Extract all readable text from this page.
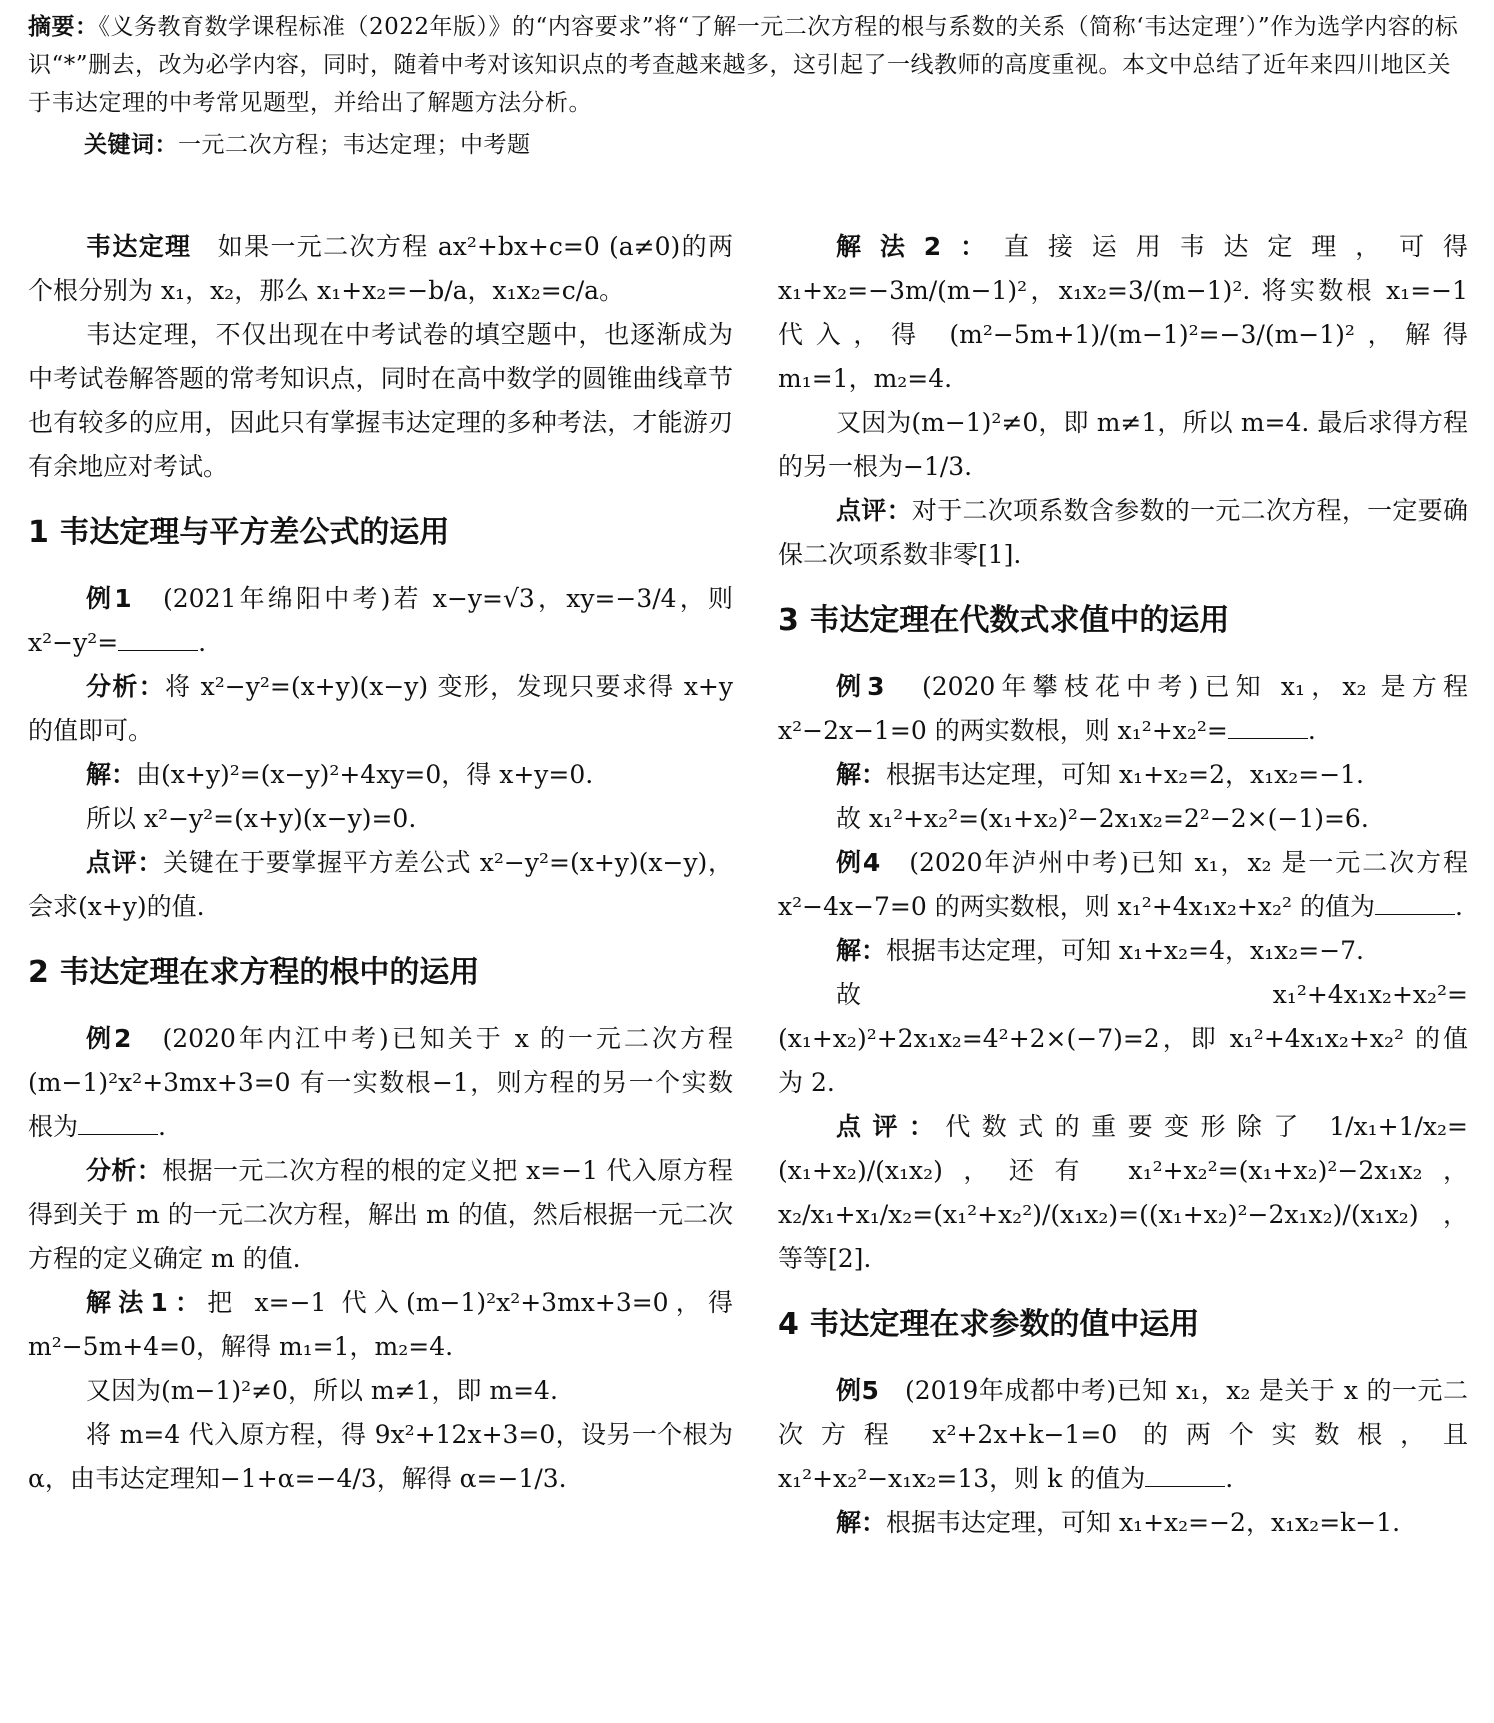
摘要：《义务教育数学课程标准（2022年版）》的“内容要求”将“了解一元二次方程的根与系数的关系（简称‘韦达定理’）”作为选学内容的标识“*”删去，改为必学内容，同时，随着中考对该知识点的考查越来越多，这引起了一线教师的高度重视。本文中总结了近年来四川地区关于韦达定理的中考常见题型，并给出了解题方法分析。

关键词：一元二次方程；韦达定理；中考题

韦达定理　 如果一元二次方程 ax²+bx+c=0 (a≠0)的两个根分别为 x₁，x₂，那么 x₁+x₂=−b/a，x₁x₂=c/a。

韦达定理，不仅出现在中考试卷的填空题中，也逐渐成为中考试卷解答题的常考知识点，同时在高中数学的圆锥曲线章节也有较多的应用，因此只有掌握韦达定理的多种考法，才能游刃有余地应对考试。

1 韦达定理与平方差公式的运用

例1　 (2021年绵阳中考)若 x−y=√3，xy=−3/4，则 x²−y²=	.

分析：将 x²−y²=(x+y)(x−y) 变形，发现只要求得 x+y 的值即可。

解：由(x+y)²=(x−y)²+4xy=0，得 x+y=0.

所以 x²−y²=(x+y)(x−y)=0.

点评：关键在于要掌握平方差公式 x²−y²=(x+y)(x−y)，会求(x+y)的值.

2 韦达定理在求方程的根中的运用

例2　 (2020年内江中考)已知关于 x 的一元二次方程(m−1)²x²+3mx+3=0 有一实数根−1，则方程的另一个实数根为	.

分析：根据一元二次方程的根的定义把 x=−1 代入原方程得到关于 m 的一元二次方程，解出 m 的值，然后根据一元二次方程的定义确定 m 的值.

解法1：把 x=−1 代入(m−1)²x²+3mx+3=0，得 m²−5m+4=0，解得 m₁=1，m₂=4.

又因为(m−1)²≠0，所以 m≠1，即 m=4.

将 m=4 代入原方程，得 9x²+12x+3=0，设另一个根为 α，由韦达定理知−1+α=−4/3，解得 α=−1/3.

解法2：直接运用韦达定理，可得 x₁+x₂=−3m/(m−1)²，x₁x₂=3/(m−1)². 将实数根 x₁=−1 代入，得 (m²−5m+1)/(m−1)²=−3/(m−1)²，解得 m₁=1，m₂=4.

又因为(m−1)²≠0，即 m≠1，所以 m=4. 最后求得方程的另一根为−1/3.

点评：对于二次项系数含参数的一元二次方程，一定要确保二次项系数非零[1].

3 韦达定理在代数式求值中的运用

例3　 (2020年攀枝花中考)已知 x₁，x₂ 是方程 x²−2x−1=0 的两实数根，则 x₁²+x₂²=	.

解：根据韦达定理，可知 x₁+x₂=2，x₁x₂=−1.

故 x₁²+x₂²=(x₁+x₂)²−2x₁x₂=2²−2×(−1)=6.

例4　 (2020年泸州中考)已知 x₁，x₂ 是一元二次方程 x²−4x−7=0 的两实数根，则 x₁²+4x₁x₂+x₂² 的值为	.

解：根据韦达定理，可知 x₁+x₂=4，x₁x₂=−7.

故 x₁²+4x₁x₂+x₂²=(x₁+x₂)²+2x₁x₂=4²+2×(−7)=2，即 x₁²+4x₁x₂+x₂² 的值为 2.

点评：代数式的重要变形除了 1/x₁+1/x₂=(x₁+x₂)/(x₁x₂)，还有 x₁²+x₂²=(x₁+x₂)²−2x₁x₂，x₂/x₁+x₁/x₂=(x₁²+x₂²)/(x₁x₂)=((x₁+x₂)²−2x₁x₂)/(x₁x₂)，等等[2].

4 韦达定理在求参数的值中运用

例5　 (2019年成都中考)已知 x₁，x₂ 是关于 x 的一元二次方程 x²+2x+k−1=0 的两个实数根，且 x₁²+x₂²−x₁x₂=13，则 k 的值为	.

解：根据韦达定理，可知 x₁+x₂=−2，x₁x₂=k−1.
